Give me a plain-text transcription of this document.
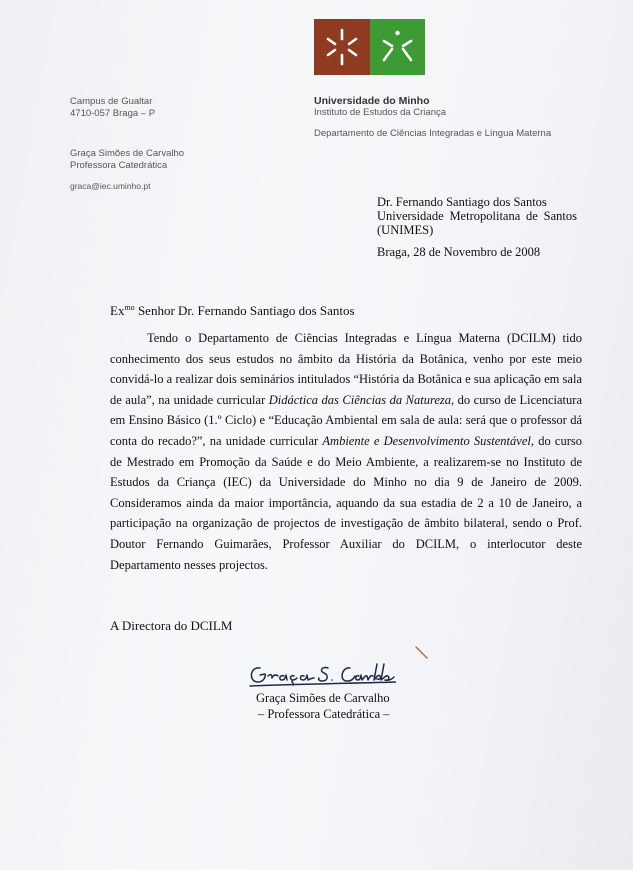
Universidade do Minho
Instituto de Estudos da Criança
Departamento de Ciências Integradas e Língua Materna
Campus de Gualtar
4710-057 Braga – P
Graça Simões de Carvalho
Professora Catedrática
graca@iec.uminho.pt
Dr. Fernando Santiago dos Santos
Universidade Metropolitana de Santos
(UNIMES)
Braga, 28 de Novembro de 2008
$Ex^{mo}$ Senhor Dr. Fernando Santiago dos Santos
Tendo o Departamento de Ciências Integradas e Língua Materna (DCILM) tido conhecimento dos seus estudos no âmbito da História da Botânica, venho por este meio convidá-lo a realizar dois seminários intitulados “História da Botânica e sua aplicação em sala de aula”, na unidade curricular Didáctica das Ciências da Natureza, do curso de Licenciatura em Ensino Básico (1.º Ciclo) e “Educação Ambiental em sala de aula: será que o professor dá conta do recado?”, na unidade curricular Ambiente e Desenvolvimento Sustentável, do curso de Mestrado em Promoção da Saúde e do Meio Ambiente, a realizarem-se no Instituto de Estudos da Criança (IEC) da Universidade do Minho no dia 9 de Janeiro de 2009. Consideramos ainda da maior importância, aquando da sua estadia de 2 a 10 de Janeiro, a participação na organização de projectos de investigação de âmbito bilateral, sendo o Prof. Doutor Fernando Guimarães, Professor Auxiliar do DCILM, o interlocutor deste Departamento nesses projectos.
A Directora do DCILM
Graça Simões de Carvalho
– Professora Catedrática –
